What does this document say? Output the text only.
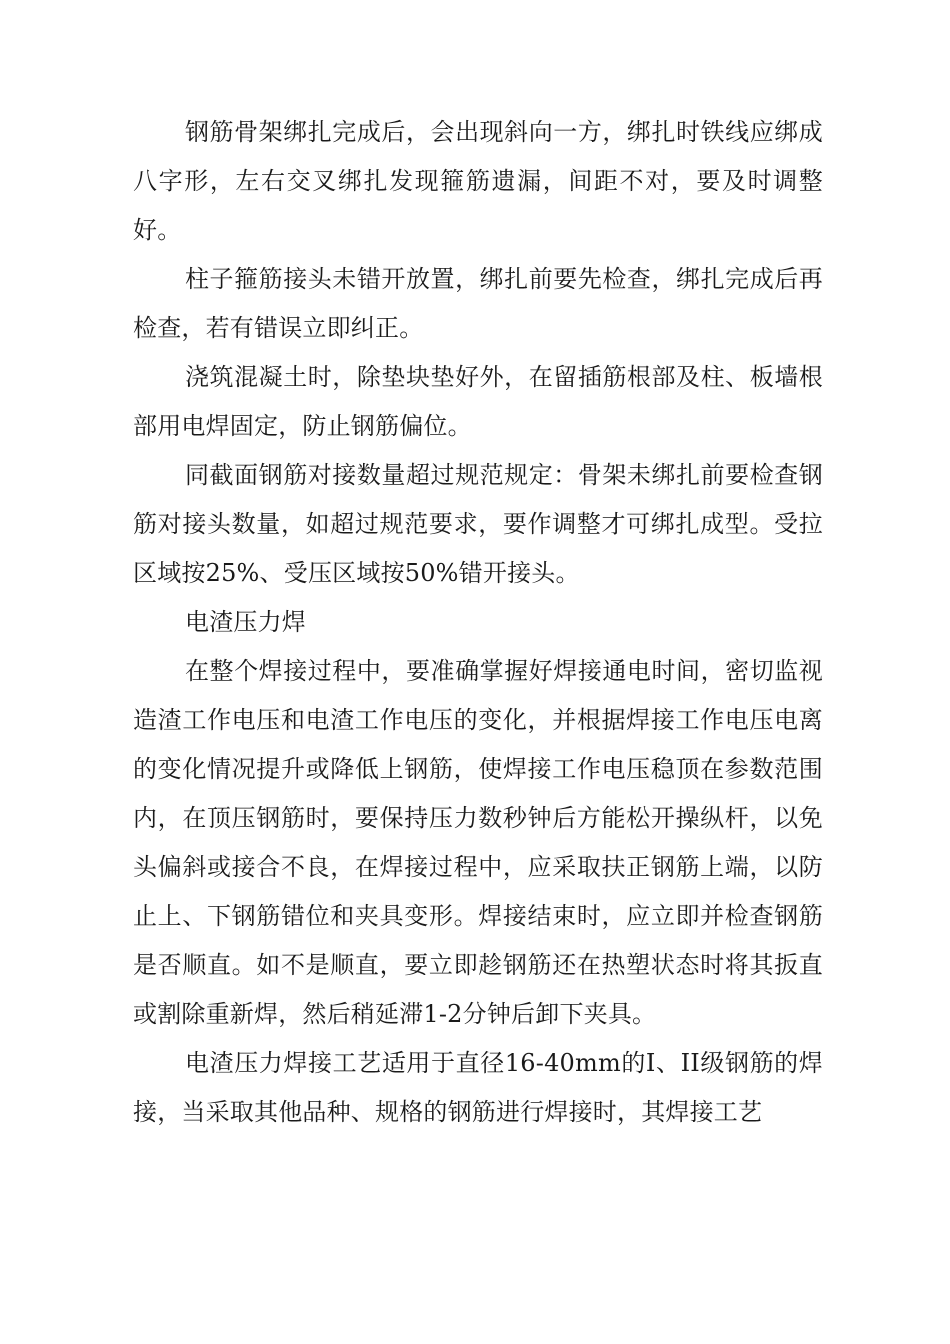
钢筋骨架绑扎完成后，会出现斜向一方，绑扎时铁线应绑成八字形，左右交叉绑扎发现箍筋遗漏，间距不对，要及时调整好。

柱子箍筋接头未错开放置，绑扎前要先检查，绑扎完成后再检查，若有错误立即纠正。

浇筑混凝土时，除垫块垫好外，在留插筋根部及柱、板墙根部用电焊固定，防止钢筋偏位。

同截面钢筋对接数量超过规范规定：骨架未绑扎前要检查钢筋对接头数量，如超过规范要求，要作调整才可绑扎成型。受拉区域按25%、受压区域按50%错开接头。

电渣压力焊

在整个焊接过程中，要准确掌握好焊接通电时间，密切监视造渣工作电压和电渣工作电压的变化，并根据焊接工作电压电离的变化情况提升或降低上钢筋，使焊接工作电压稳顶在参数范围内，在顶压钢筋时，要保持压力数秒钟后方能松开操纵杆，以免头偏斜或接合不良，在焊接过程中，应采取扶正钢筋上端，以防止上、下钢筋错位和夹具变形。焊接结束时，应立即并检查钢筋是否顺直。如不是顺直，要立即趁钢筋还在热塑状态时将其扳直或割除重新焊，然后稍延滞1-2分钟后卸下夹具。

电渣压力焊接工艺适用于直径16-40mm的I、II级钢筋的焊接，当采取其他品种、规格的钢筋进行焊接时，其焊接工艺
